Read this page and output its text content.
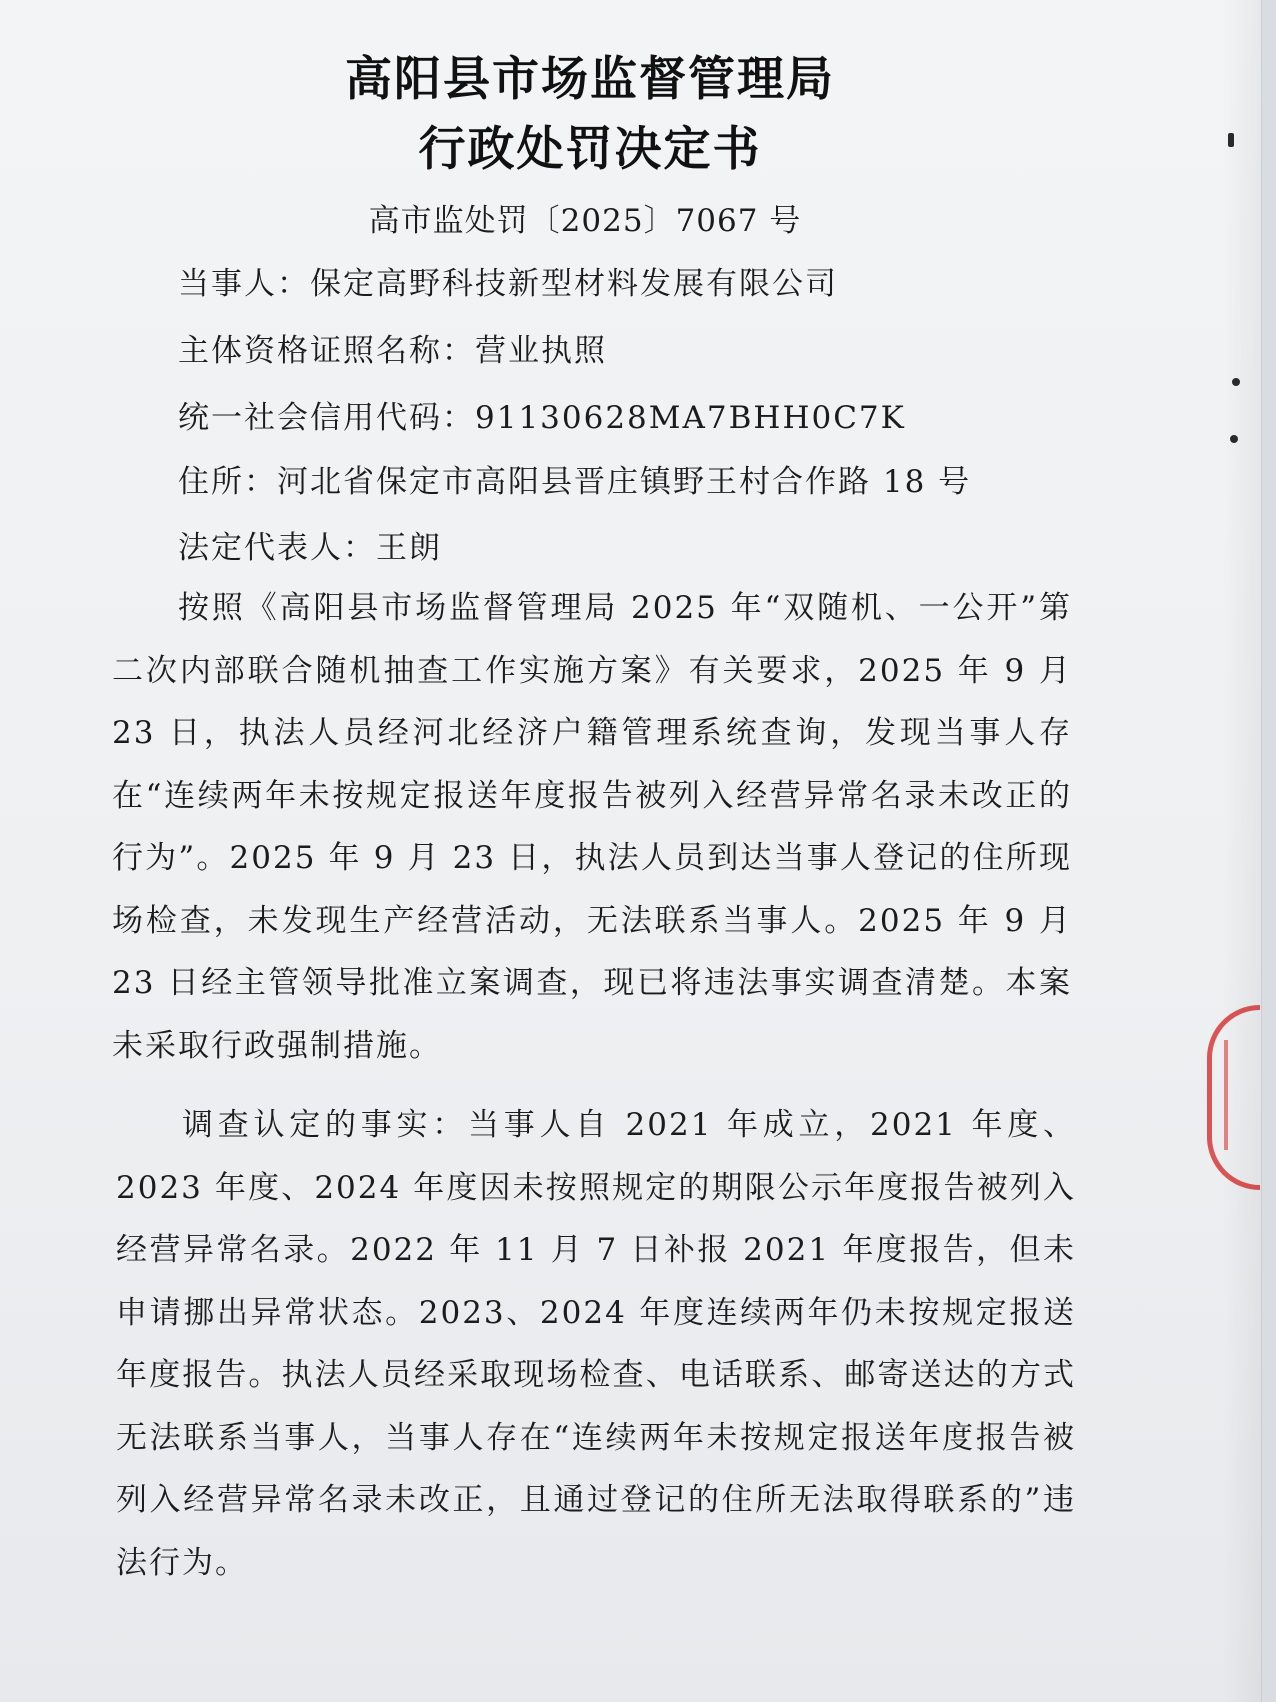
高阳县市场监督管理局
行政处罚决定书
高市监处罚〔2025〕7067 号
当事人：保定高野科技新型材料发展有限公司
主体资格证照名称：营业执照
统一社会信用代码：91130628MA7BHH0C7K
住所：河北省保定市高阳县晋庄镇野王村合作路 18 号
法定代表人：王朗
按照《高阳县市场监督管理局 2025 年“双随机、一公开”第二次内部联合随机抽查工作实施方案》有关要求，2025 年 9 月 23 日，执法人员经河北经济户籍管理系统查询，发现当事人存在“连续两年未按规定报送年度报告被列入经营异常名录未改正的行为”。2025 年 9 月 23 日，执法人员到达当事人登记的住所现场检查，未发现生产经营活动，无法联系当事人。2025 年 9 月 23 日经主管领导批准立案调查，现已将违法事实调查清楚。本案未采取行政强制措施。
调查认定的事实：当事人自 2021 年成立，2021 年度、2023 年度、2024 年度因未按照规定的期限公示年度报告被列入经营异常名录。2022 年 11 月 7 日补报 2021 年度报告，但未申请挪出异常状态。2023、2024 年度连续两年仍未按规定报送年度报告。执法人员经采取现场检查、电话联系、邮寄送达的方式无法联系当事人，当事人存在“连续两年未按规定报送年度报告被列入经营异常名录未改正，且通过登记的住所无法取得联系的”违法行为。
